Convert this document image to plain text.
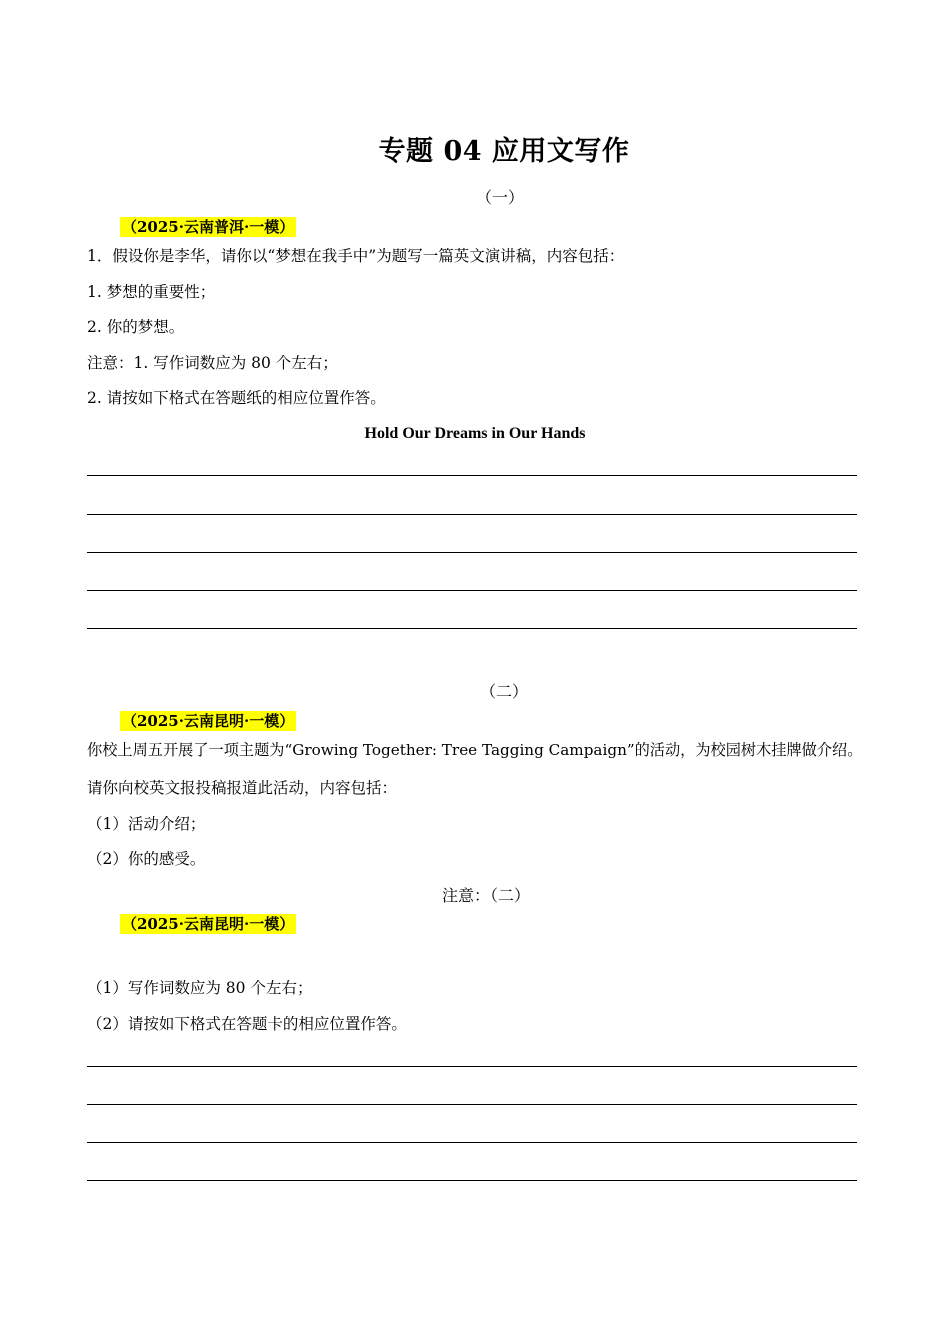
专题 04 应用文写作
（一）
（2025·云南普洱·一模）
1．假设你是李华，请你以“梦想在我手中”为题写一篇英文演讲稿，内容包括：
1. 梦想的重要性；
2. 你的梦想。
注意：1. 写作词数应为 80 个左右；
2. 请按如下格式在答题纸的相应位置作答。
Hold Our Dreams in Our Hands
（二）
（2025·云南昆明·一模）
你校上周五开展了一项主题为“Growing Together: Tree Tagging Campaign”的活动，为校园树木挂牌做介绍。
请你向校英文报投稿报道此活动，内容包括：
（1）活动介绍；
（2）你的感受。
注意：（二）
（2025·云南昆明·一模）
（1）写作词数应为 80 个左右；
（2）请按如下格式在答题卡的相应位置作答。
